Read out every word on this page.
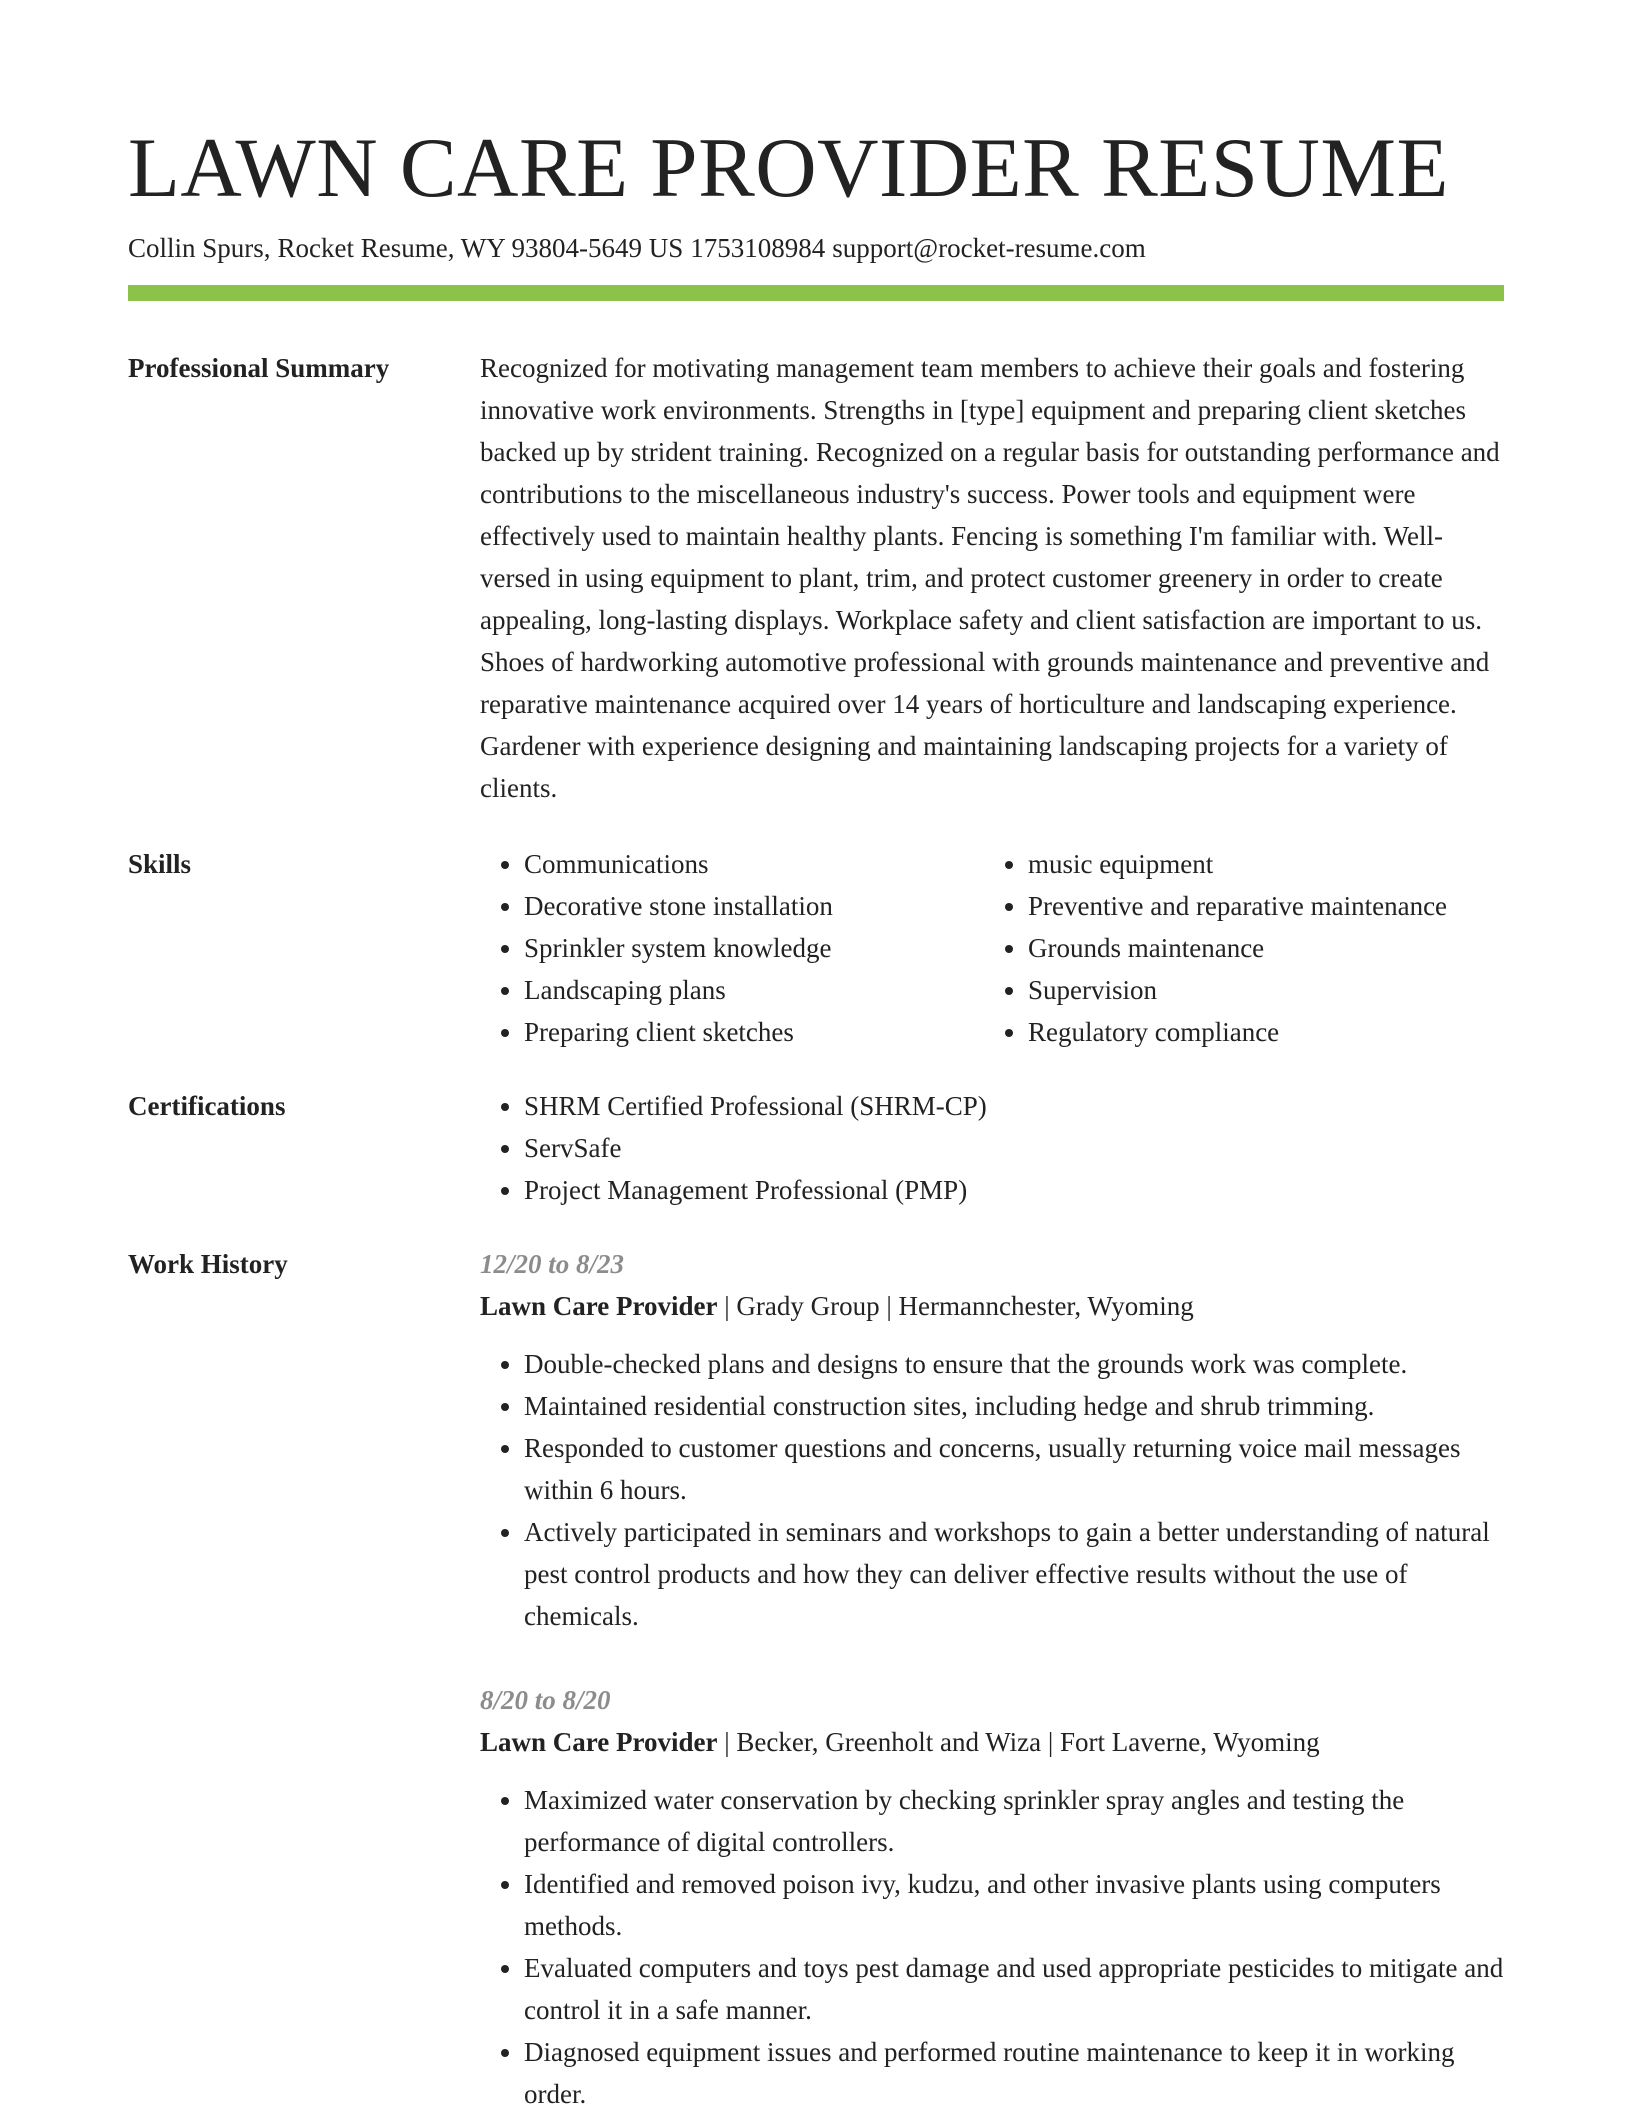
LAWN CARE PROVIDER RESUME
Collin Spurs, Rocket Resume, WY 93804-5649 US 1753108984 support@rocket-resume.com
Professional Summary	Recognized for motivating management team members to achieve their goals and fostering innovative work environments. Strengths in [type] equipment and preparing client sketches backed up by strident training. Recognized on a regular basis for outstanding performance and contributions to the miscellaneous industry's success. Power tools and equipment were effectively used to maintain healthy plants. Fencing is something I'm familiar with. Well-versed in using equipment to plant, trim, and protect customer greenery in order to create appealing, long-lasting displays. Workplace safety and client satisfaction are important to us. Shoes of hardworking automotive professional with grounds maintenance and preventive and reparative maintenance acquired over 14 years of horticulture and landscaping experience. Gardener with experience designing and maintaining landscaping projects for a variety of clients.

Skills	• Communications
• Decorative stone installation
• Sprinkler system knowledge
• Landscaping plans
• Preparing client sketches
• music equipment
• Preventive and reparative maintenance
• Grounds maintenance
• Supervision
• Regulatory compliance
Certifications	• SHRM Certified Professional (SHRM-CP)
• ServSafe
• Project Management Professional (PMP)
Work History	12/20 to 8/23
Lawn Care Provider | Grady Group | Hermannchester, Wyoming
• Double-checked plans and designs to ensure that the grounds work was complete.
• Maintained residential construction sites, including hedge and shrub trimming.
• Responded to customer questions and concerns, usually returning voice mail messages within 6 hours.
• Actively participated in seminars and workshops to gain a better understanding of natural pest control products and how they can deliver effective results without the use of chemicals.
8/20 to 8/20
Lawn Care Provider | Becker, Greenholt and Wiza | Fort Laverne, Wyoming
• Maximized water conservation by checking sprinkler spray angles and testing the performance of digital controllers.
• Identified and removed poison ivy, kudzu, and other invasive plants using computers methods.
• Evaluated computers and toys pest damage and used appropriate pesticides to mitigate and control it in a safe manner.
• Diagnosed equipment issues and performed routine maintenance to keep it in working order.
